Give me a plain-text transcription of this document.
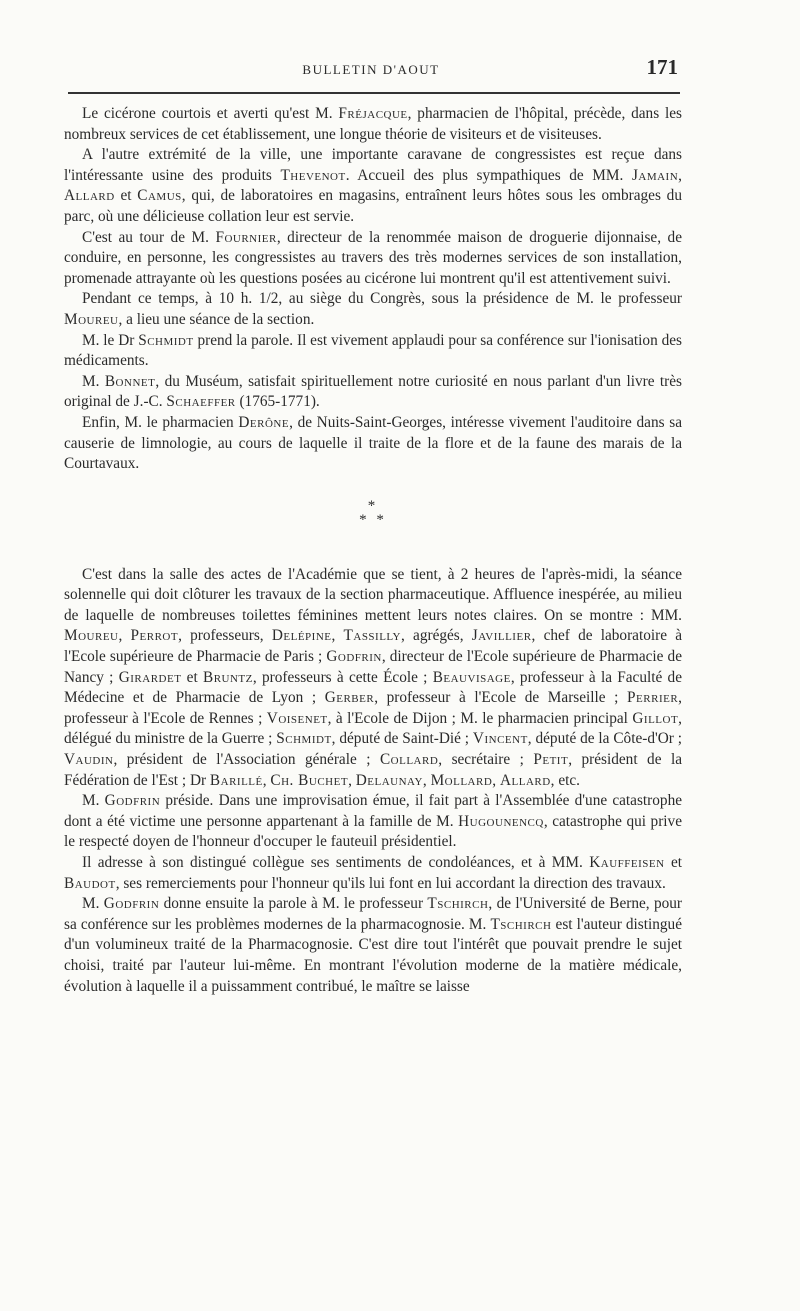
BULLETIN D'AOUT	171

Le cicérone courtois et averti qu'est M. Fréjacque, pharmacien de l'hôpital, précède, dans les nombreux services de cet établissement, une longue théorie de visiteurs et de visiteuses.

A l'autre extrémité de la ville, une importante caravane de congressistes est reçue dans l'intéressante usine des produits Thevenot. Accueil des plus sympathiques de MM. Jamain, Allard et Camus, qui, de laboratoires en magasins, entraînent leurs hôtes sous les ombrages du parc, où une délicieuse collation leur est servie.

C'est au tour de M. Fournier, directeur de la renommée maison de droguerie dijonnaise, de conduire, en personne, les congressistes au travers des très modernes services de son installation, promenade attrayante où les questions posées au cicérone lui montrent qu'il est attentivement suivi.

Pendant ce temps, à 10 h. 1/2, au siège du Congrès, sous la présidence de M. le professeur Moureu, a lieu une séance de la section.

M. le Dr Schmidt prend la parole. Il est vivement applaudi pour sa conférence sur l'ionisation des médicaments.

M. Bonnet, du Muséum, satisfait spirituellement notre curiosité en nous parlant d'un livre très original de J.-C. Schaeffer (1765-1771).

Enfin, M. le pharmacien Derône, de Nuits-Saint-Georges, intéresse vivement l'auditoire dans sa causerie de limnologie, au cours de laquelle il traite de la flore et de la faune des marais de la Courtavaux.

*
* *

C'est dans la salle des actes de l'Académie que se tient, à 2 heures de l'après-midi, la séance solennelle qui doit clôturer les travaux de la section pharmaceutique. Affluence inespérée, au milieu de laquelle de nombreuses toilettes féminines mettent leurs notes claires. On se montre : MM. Moureu, Perrot, professeurs, Delépine, Tassilly, agrégés, Javillier, chef de laboratoire à l'Ecole supérieure de Pharmacie de Paris ; Godfrin, directeur de l'Ecole supérieure de Pharmacie de Nancy ; Girardet et Bruntz, professeurs à cette École ; Beauvisage, professeur à la Faculté de Médecine et de Pharmacie de Lyon ; Gerber, professeur à l'Ecole de Marseille ; Perrier, professeur à l'Ecole de Rennes ; Voisenet, à l'Ecole de Dijon ; M. le pharmacien principal Gillot, délégué du ministre de la Guerre ; Schmidt, député de Saint-Dié ; Vincent, député de la Côte-d'Or ; Vaudin, président de l'Association générale ; Collard, secrétaire ; Petit, président de la Fédération de l'Est ; Dr Barillé, Ch. Buchet, Delaunay, Mollard, Allard, etc.

M. Godfrin préside. Dans une improvisation émue, il fait part à l'Assemblée d'une catastrophe dont a été victime une personne appartenant à la famille de M. Hugounencq, catastrophe qui prive le respecté doyen de l'honneur d'occuper le fauteuil présidentiel.

Il adresse à son distingué collègue ses sentiments de condoléances, et à MM. Kauffeisen et Baudot, ses remerciements pour l'honneur qu'ils lui font en lui accordant la direction des travaux.

M. Godfrin donne ensuite la parole à M. le professeur Tschirch, de l'Université de Berne, pour sa conférence sur les problèmes modernes de la pharmacognosie. M. Tschirch est l'auteur distingué d'un volumineux traité de la Pharmacognosie. C'est dire tout l'intérêt que pouvait prendre le sujet choisi, traité par l'auteur lui-même. En montrant l'évolution moderne de la matière médicale, évolution à laquelle il a puissamment contribué, le maître se laisse
